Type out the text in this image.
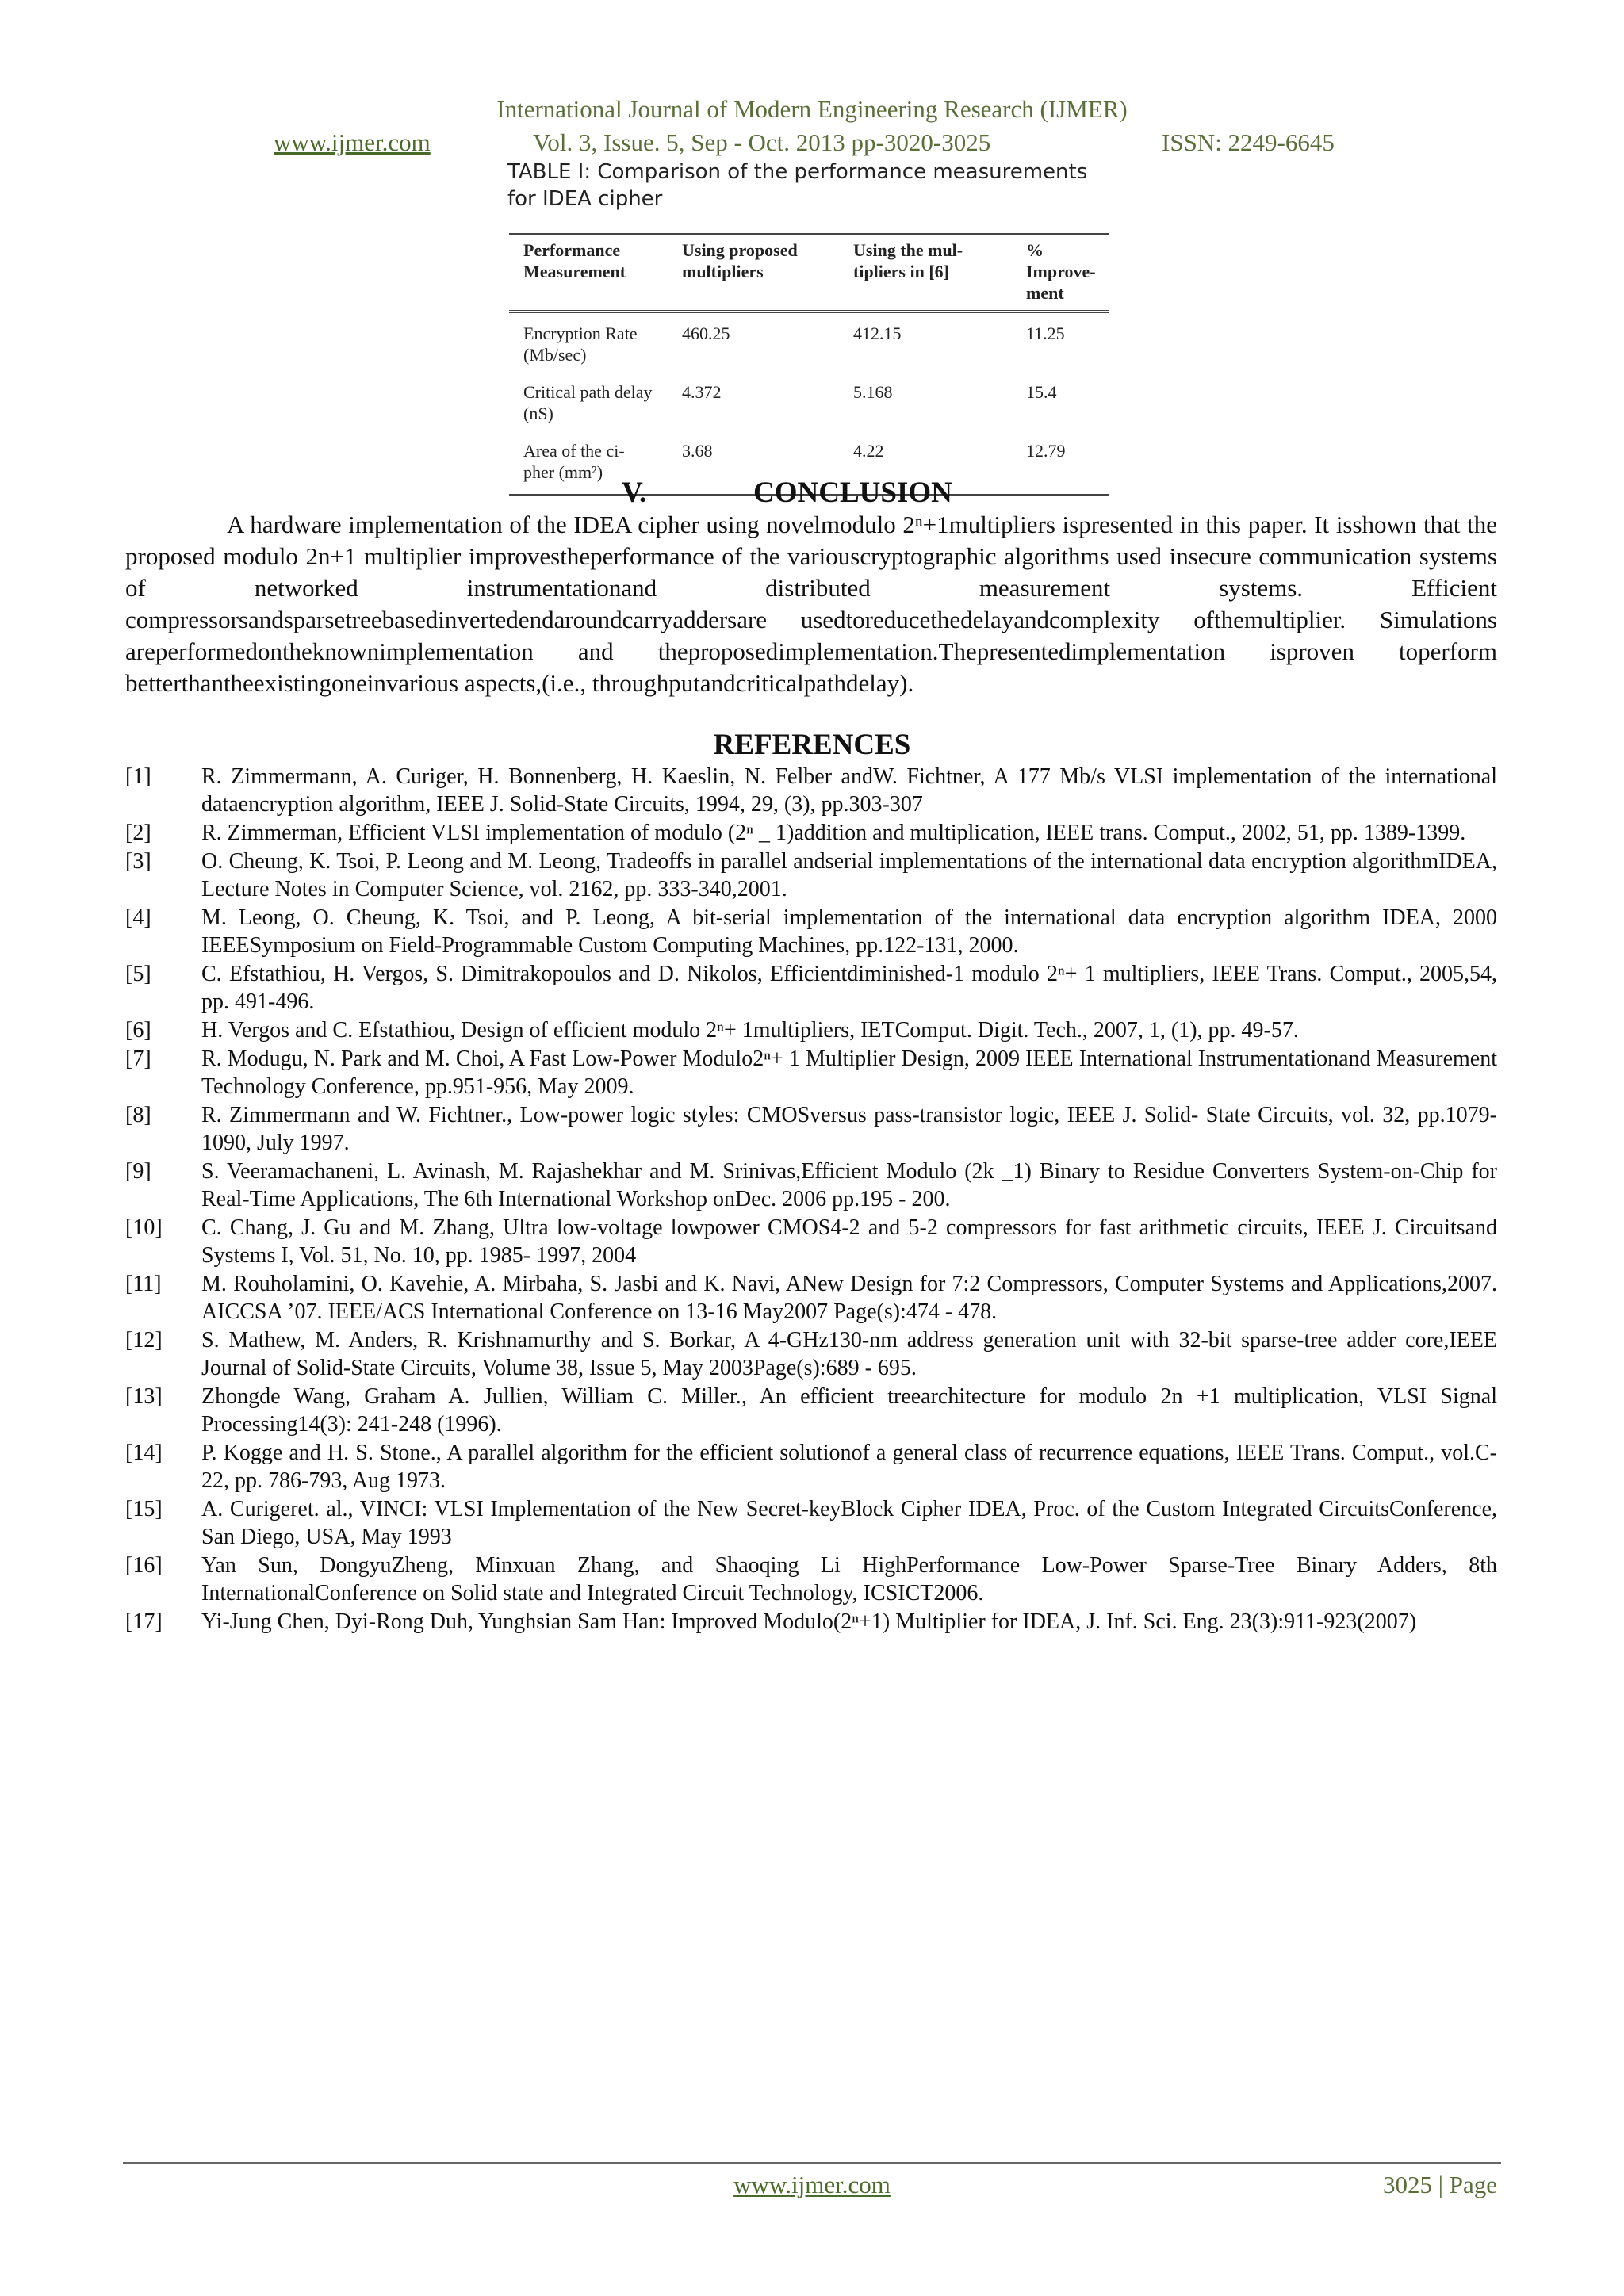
International Journal of Modern Engineering Research (IJMER)
www.ijmer.com	Vol. 3, Issue. 5, Sep - Oct. 2013 pp-3020-3025	ISSN: 2249-6645
TABLE I: Comparison of the performance measurements for IDEA cipher
Performance Measurement	Using proposed multipliers	Using the mul- tipliers in [6]	% Improve- ment
Encryption Rate (Mb/sec)	460.25	412.15	11.25
Critical path delay (nS)	4.372	5.168	15.4
Area of the ci- pher (mm²)	3.68	4.22	12.79
V.	CONCLUSION
A hardware implementation of the IDEA cipher using novelmodulo 2ⁿ+1multipliers ispresented in this paper. It isshown that the proposed modulo 2n+1 multiplier improvestheperformance of the variouscryptographic algorithms used insecure communication systems of networked instrumentationand distributed measurement systems. Efficient compressorsandsparsetreebasedinvertedendaroundcarryaddersare usedtoreducethedelayandcomplexity ofthemultiplier. Simulations areperformedontheknownimplementation and theproposedimplementation.Thepresentedimplementation isproven toperform betterthantheexistingoneinvarious aspects,(i.e., throughputandcriticalpathdelay).
REFERENCES
[1]	R. Zimmermann, A. Curiger, H. Bonnenberg, H. Kaeslin, N. Felber andW. Fichtner, A 177 Mb/s VLSI implementation of the international dataencryption algorithm, IEEE J. Solid-State Circuits, 1994, 29, (3), pp.303-307
[2]	R. Zimmerman, Efficient VLSI implementation of modulo (2ⁿ _ 1)addition and multiplication, IEEE trans. Comput., 2002, 51, pp. 1389-1399.
[3]	O. Cheung, K. Tsoi, P. Leong and M. Leong, Tradeoffs in parallel andserial implementations of the international data encryption algorithmIDEA, Lecture Notes in Computer Science, vol. 2162, pp. 333-340,2001.
[4]	M. Leong, O. Cheung, K. Tsoi, and P. Leong, A bit-serial implementation of the international data encryption algorithm IDEA, 2000 IEEESymposium on Field-Programmable Custom Computing Machines, pp.122-131, 2000.
[5]	C. Efstathiou, H. Vergos, S. Dimitrakopoulos and D. Nikolos, Efficientdiminished-1 modulo 2ⁿ+ 1 multipliers, IEEE Trans. Comput., 2005,54, pp. 491-496.
[6]	H. Vergos and C. Efstathiou, Design of efficient modulo 2ⁿ+ 1multipliers, IETComput. Digit. Tech., 2007, 1, (1), pp. 49-57.
[7]	R. Modugu, N. Park and M. Choi, A Fast Low-Power Modulo2ⁿ+ 1 Multiplier Design, 2009 IEEE International Instrumentationand Measurement Technology Conference, pp.951-956, May 2009.
[8]	R. Zimmermann and W. Fichtner., Low-power logic styles: CMOSversus pass-transistor logic, IEEE J. Solid- State Circuits, vol. 32, pp.1079-1090, July 1997.
[9]	S. Veeramachaneni, L. Avinash, M. Rajashekhar and M. Srinivas,Efficient Modulo (2k _1) Binary to Residue Converters System-on-Chip for Real-Time Applications, The 6th International Workshop onDec. 2006 pp.195 - 200.
[10]	C. Chang, J. Gu and M. Zhang, Ultra low-voltage lowpower CMOS4-2 and 5-2 compressors for fast arithmetic circuits, IEEE J. Circuitsand Systems I, Vol. 51, No. 10, pp. 1985- 1997, 2004
[11]	M. Rouholamini, O. Kavehie, A. Mirbaha, S. Jasbi and K. Navi, ANew Design for 7:2 Compressors, Computer Systems and Applications,2007. AICCSA ’07. IEEE/ACS International Conference on 13-16 May2007 Page(s):474 - 478.
[12]	S. Mathew, M. Anders, R. Krishnamurthy and S. Borkar, A 4-GHz130-nm address generation unit with 32-bit sparse-tree adder core,IEEE Journal of Solid-State Circuits, Volume 38, Issue 5, May 2003Page(s):689 - 695.
[13]	Zhongde Wang, Graham A. Jullien, William C. Miller., An efficient treearchitecture for modulo 2n +1 multiplication, VLSI Signal Processing14(3): 241-248 (1996).
[14]	P. Kogge and H. S. Stone., A parallel algorithm for the efficient solutionof a general class of recurrence equations, IEEE Trans. Comput., vol.C-22, pp. 786-793, Aug 1973.
[15]	A. Curigeret. al., VINCI: VLSI Implementation of the New Secret-keyBlock Cipher IDEA, Proc. of the Custom Integrated CircuitsConference, San Diego, USA, May 1993
[16]	Yan Sun, DongyuZheng, Minxuan Zhang, and Shaoqing Li HighPerformance Low-Power Sparse-Tree Binary Adders, 8th InternationalConference on Solid state and Integrated Circuit Technology, ICSICT2006.
[17]	Yi-Jung Chen, Dyi-Rong Duh, Yunghsian Sam Han: Improved Modulo(2ⁿ+1) Multiplier for IDEA, J. Inf. Sci. Eng. 23(3):911-923(2007)
www.ijmer.com	3025 | Page
